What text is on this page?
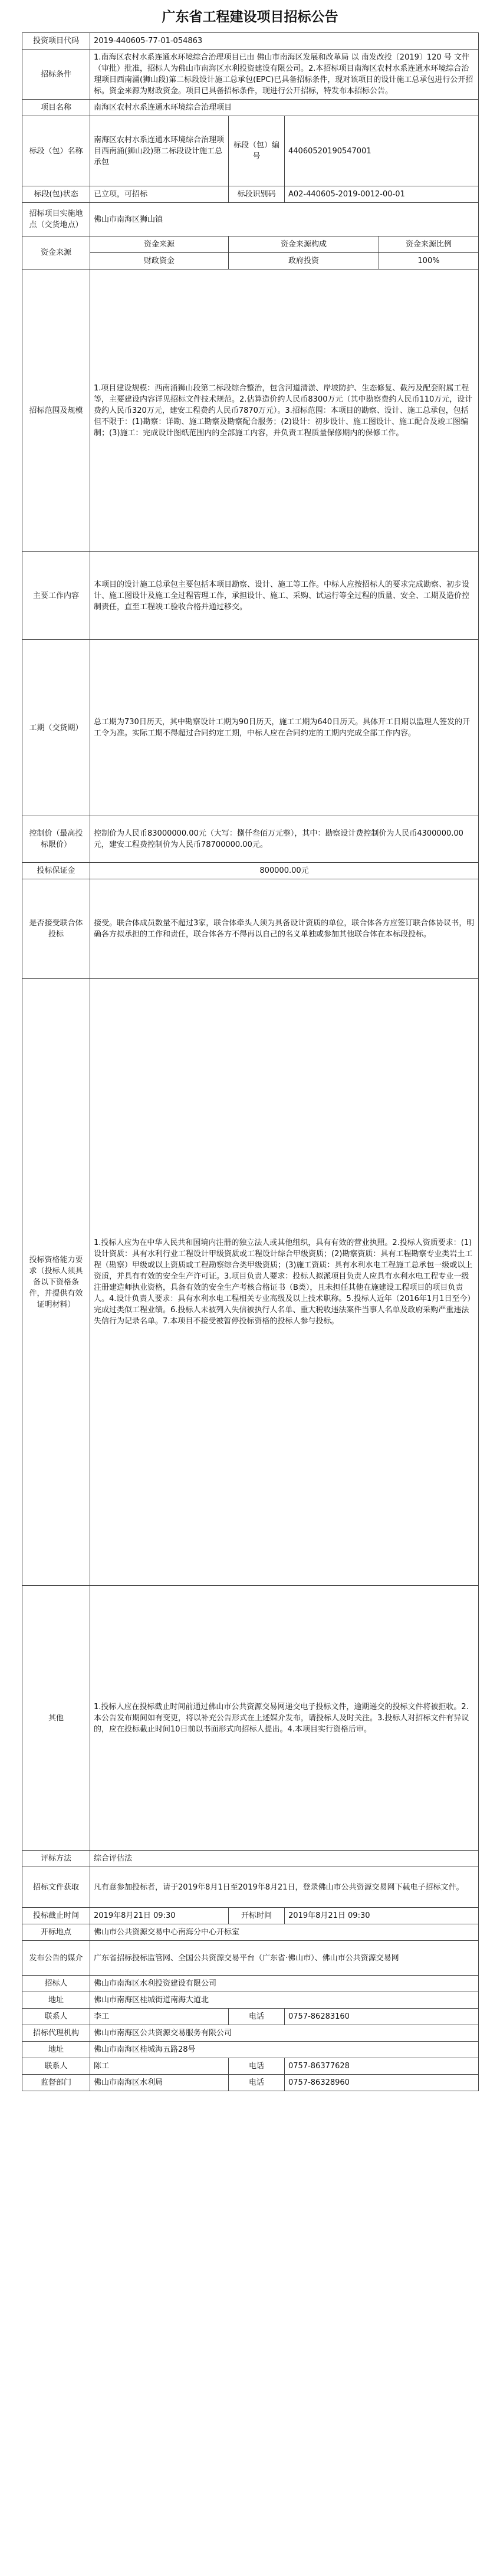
广东省工程建设项目招标公告
投资项目代码	2019-440605-77-01-054863			
招标条件	1.南海区农村水系连通水环境综合治理项目已由 佛山市南海区发展和改革局 以 南发改投〔2019〕120 号 文件（审批）批准，招标人为佛山市南海区水利投资建设有限公司。2.本招标项目南海区农村水系连通水环境综合治理项目西南涌(狮山段)第二标段设计施工总承包(EPC)已具备招标条件，现对该项目的设计施工总承包进行公开招标。资金来源为财政资金。项目已具备招标条件，现进行公开招标，特发布本招标公告。			
项目名称	南海区农村水系连通水环境综合治理项目			
标段（包）名称	南海区农村水系连通水环境综合治理项目西南涌(狮山段)第二标段设计施工总承包	标段（包）编号	44060520190547001	
标段(包)状态	已立项，可招标	标段识别码	A02-440605-2019-0012-00-01	
招标项目实施地点（交货地点）	佛山市南海区狮山镇			
资金来源	资金来源	资金来源构成		资金来源比例
	财政资金	政府投资		100%
招标范围及规模	1.项目建设规模：西南涌狮山段第二标段综合整治，包含河道清淤、岸坡防护、生态修复、截污及配套附属工程等，主要建设内容详见招标文件技术规范。2.估算造价约人民币8300万元（其中勘察费约人民币110万元，设计费约人民币320万元，建安工程费约人民币7870万元）。3.招标范围：本项目的勘察、设计、施工总承包，包括但不限于：(1)勘察：详勘、施工勘察及勘察配合服务；(2)设计：初步设计、施工图设计、施工配合及竣工图编制；(3)施工：完成设计图纸范围内的全部施工内容，并负责工程质量保修期内的保修工作。			
主要工作内容	本项目的设计施工总承包主要包括本项目勘察、设计、施工等工作。中标人应按招标人的要求完成勘察、初步设计、施工图设计及施工全过程管理工作，承担设计、施工、采购、试运行等全过程的质量、安全、工期及造价控制责任，直至工程竣工验收合格并通过移交。			
工期（交货期）	总工期为730日历天，其中勘察设计工期为90日历天，施工工期为640日历天。具体开工日期以监理人签发的开工令为准。实际工期不得超过合同约定工期，中标人应在合同约定的工期内完成全部工作内容。			
控制价（最高投标限价）	控制价为人民币83000000.00元（大写：捌仟叁佰万元整），其中：勘察设计费控制价为人民币4300000.00元，建安工程费控制价为人民币78700000.00元。			
投标保证金	800000.00元			
是否接受联合体投标	接受。联合体成员数量不超过3家，联合体牵头人须为具备设计资质的单位，联合体各方应签订联合体协议书，明确各方拟承担的工作和责任，联合体各方不得再以自己的名义单独或参加其他联合体在本标段投标。			
投标资格能力要求（投标人须具备以下资格条件，并提供有效证明材料）	1.投标人应为在中华人民共和国境内注册的独立法人或其他组织，具有有效的营业执照。2.投标人资质要求：(1)设计资质：具有水利行业工程设计甲级资质或工程设计综合甲级资质；(2)勘察资质：具有工程勘察专业类岩土工程（勘察）甲级或以上资质或工程勘察综合类甲级资质；(3)施工资质：具有水利水电工程施工总承包一级或以上资质，并具有有效的安全生产许可证。3.项目负责人要求：投标人拟派项目负责人应具有水利水电工程专业一级注册建造师执业资格，具备有效的安全生产考核合格证书（B类），且未担任其他在施建设工程项目的项目负责人。4.设计负责人要求：具有水利水电工程相关专业高级及以上技术职称。5.投标人近年（2016年1月1日至今）完成过类似工程业绩。6.投标人未被列入失信被执行人名单、重大税收违法案件当事人名单及政府采购严重违法失信行为记录名单。7.本项目不接受被暂停投标资格的投标人参与投标。			
其他	1.投标人应在投标截止时间前通过佛山市公共资源交易网递交电子投标文件，逾期递交的投标文件将被拒收。2.本公告发布期间如有变更，将以补充公告形式在上述媒介发布，请投标人及时关注。3.投标人对招标文件有异议的，应在投标截止时间10日前以书面形式向招标人提出。4.本项目实行资格后审。			
评标方法	综合评估法			
招标文件获取	凡有意参加投标者，请于2019年8月1日至2019年8月21日，登录佛山市公共资源交易网下载电子招标文件。			
投标截止时间	2019年8月21日 09:30	开标时间	2019年8月21日 09:30	
开标地点	佛山市公共资源交易中心南海分中心开标室			
发布公告的媒介	广东省招标投标监管网、全国公共资源交易平台（广东省·佛山市）、佛山市公共资源交易网			
招标人	佛山市南海区水利投资建设有限公司			
地址	佛山市南海区桂城街道南海大道北			
联系人	李工	电话	0757-86283160	
招标代理机构	佛山市南海区公共资源交易服务有限公司			
地址	佛山市南海区桂城海五路28号			
联系人	陈工	电话	0757-86377628	
监督部门	佛山市南海区水利局	电话	0757-86328960	
